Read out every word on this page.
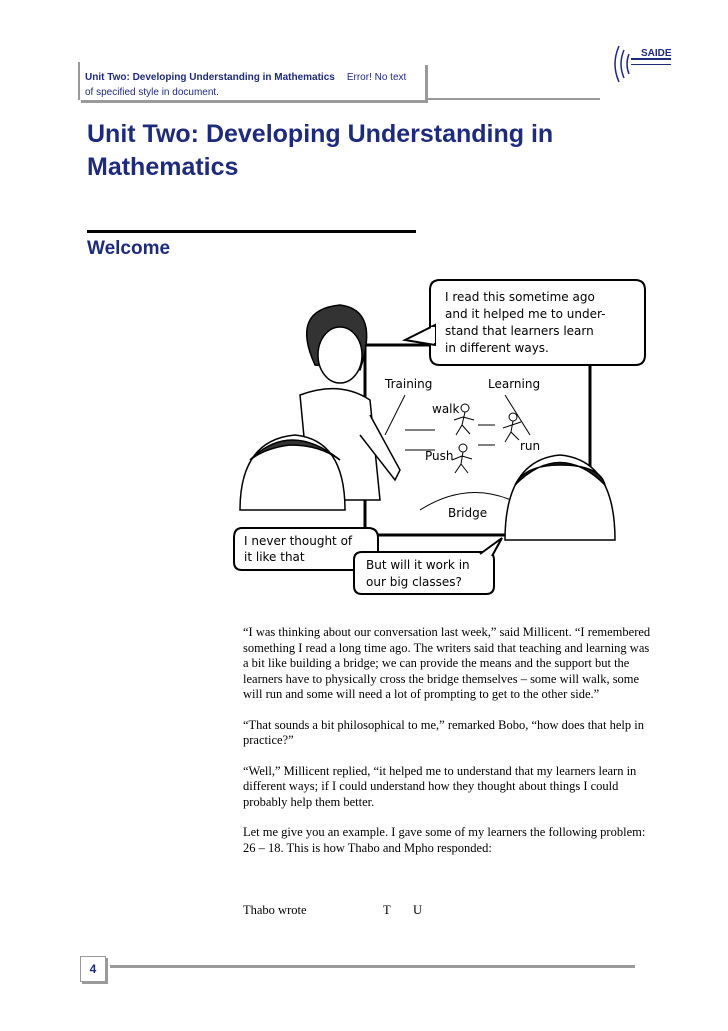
Unit Two: Developing Understanding in Mathematics Error! No text
of specified style in document.
SAIDE
Unit Two: Developing Understanding in Mathematics
Welcome
Training	Learning
walk
Push
run
Bridge
I read this sometime ago
and it helped me to under-
stand that learners learn
in different ways.
I never thought of
it like that
But will it work in
our big classes?

“I was thinking about our conversation last week,” said Millicent. “I remembered something I read a long time ago. The writers said that teaching and learning was a bit like building a bridge; we can provide the means and the support but the learners have to physically cross the bridge themselves – some will walk, some will run and some will need a lot of prompting to get to the other side.”

“That sounds a bit philosophical to me,” remarked Bobo, “how does that help in practice?”

“Well,” Millicent replied, “it helped me to understand that my learners learn in different ways; if I could understand how they thought about things I could probably help them better.

Let me give you an example. I gave some of my learners the following problem: 26 – 18. This is how Thabo and Mpho responded:

Thabo wrote	T U
4
